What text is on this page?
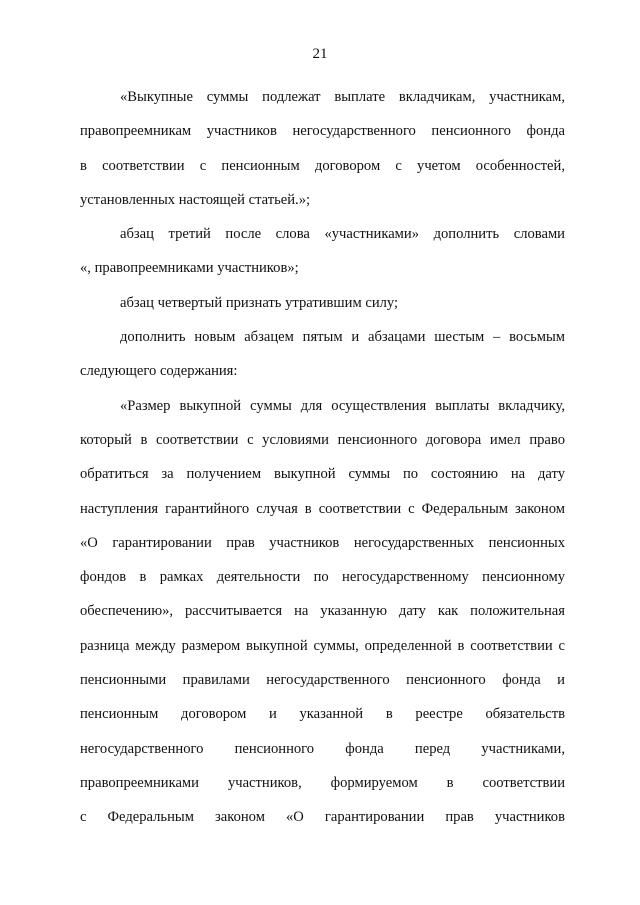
21
«Выкупные суммы подлежат выплате вкладчикам, участникам,
правопреемникам участников негосударственного пенсионного фонда
в соответствии с пенсионным договором с учетом особенностей,
установленных настоящей статьей.»;
абзац третий после слова «участниками» дополнить словами
«, правопреемниками участников»;
абзац четвертый признать утратившим силу;
дополнить новым абзацем пятым и абзацами шестым – восьмым
следующего содержания:
«Размер выкупной суммы для осуществления выплаты вкладчику,
который в соответствии с условиями пенсионного договора имел право
обратиться за получением выкупной суммы по состоянию на дату
наступления гарантийного случая в соответствии с Федеральным законом
«О гарантировании прав участников негосударственных пенсионных
фондов в рамках деятельности по негосударственному пенсионному
обеспечению», рассчитывается на указанную дату как положительная
разница между размером выкупной суммы, определенной в соответствии с
пенсионными правилами негосударственного пенсионного фонда и
пенсионным договором и указанной в реестре обязательств
негосударственного пенсионного фонда перед участниками,
правопреемниками участников, формируемом в соответствии
с Федеральным законом «О гарантировании прав участников
